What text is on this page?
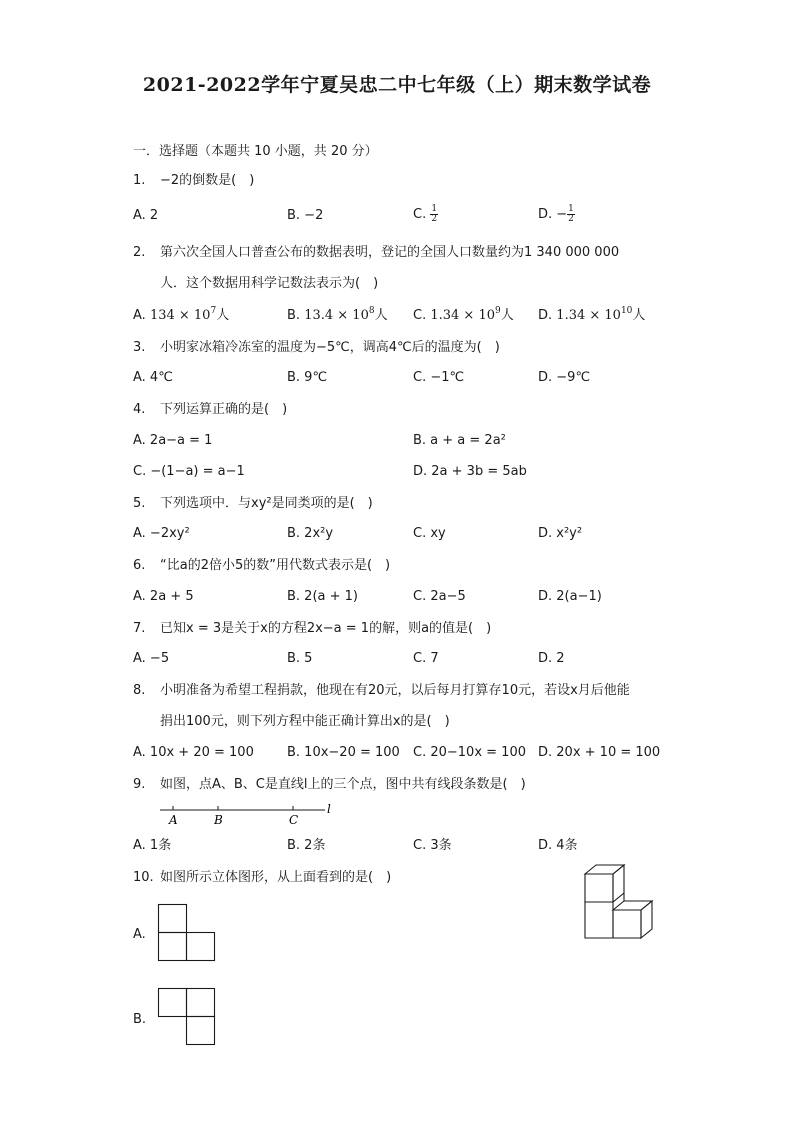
2021-2022学年宁夏吴忠二中七年级（上）期末数学试卷
一．选择题（本题共 10 小题，共 20 分）
1. −2的倒数是(　)
A. 2	B. −2	C. $\frac{1}{2}$	D. − $\frac{1}{2}$
2. 第六次全国人口普查公布的数据表明，登记的全国人口数量约为1 340 000 000
人．这个数据用科学记数法表示为(　)
A. $134 \times 10^7$人	B. $13.4 \times 10^8$人 C. $1.34 \times 10^9$人 D. $1.34 \times 10^{10}$人
3. 小明家冰箱冷冻室的温度为−5℃，调高4℃后的温度为(　)
A. 4℃	B. 9℃	C. −1℃	D. −9℃
4. 下列运算正确的是(　)
A. 2a−a = 1	B. a + a = 2a²
C. −(1−a) = a−1	D. 2a + 3b = 5ab
5. 下列选项中．与xy²是同类项的是(　)
A. −2xy²	B. 2x²y	C. xy	D. x²y²
6. “比a的2倍小5的数”用代数式表示是(　)
A. 2a + 5	B. 2(a + 1)	C. 2a−5	D. 2(a−1)
7. 已知x = 3是关于x的方程2x−a = 1的解，则a的值是(　)
A. −5	B. 5	C. 7	D. 2
8. 小明准备为希望工程捐款，他现在有20元，以后每月打算存10元，若设x月后他能
捐出100元，则下列方程中能正确计算出x的是(　)
A. 10x + 20 = 100	B. 10x−20 = 100 C. 20−10x = 100 D. 20x + 10 = 100
9. 如图，点A、B、C是直线l上的三个点，图中共有线段条数是(　)
A	B	C
l
A. 1条	B. 2条	C. 3条	D. 4条
10. 如图所示立体图形，从上面看到的是(　)
A.
B.
